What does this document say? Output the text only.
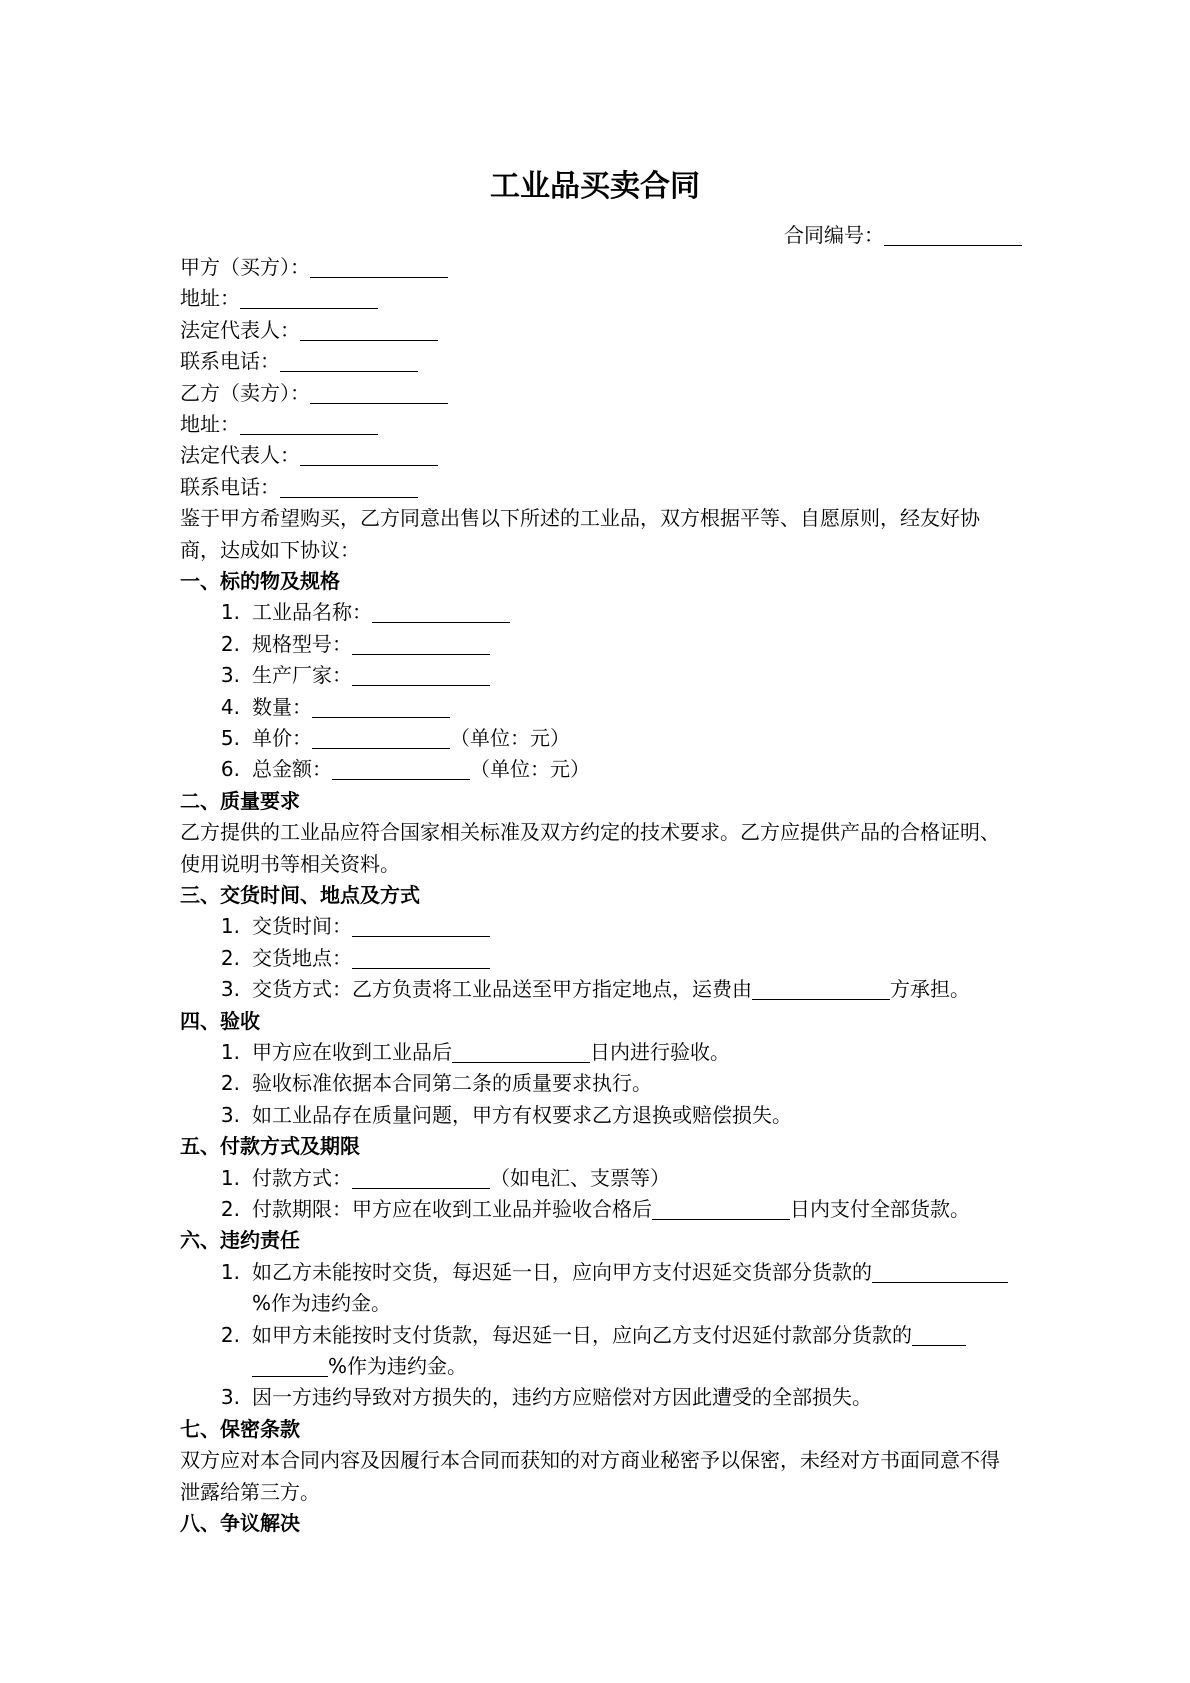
工业品买卖合同
合同编号：

甲方（买方）：

地址：

法定代表人：

联系电话：

乙方（卖方）：

地址：

法定代表人：

联系电话：

鉴于甲方希望购买，乙方同意出售以下所述的工业品，双方根据平等、自愿原则，经友好协商，达成如下协议：

一、标的物及规格

1. 工业品名称：
2. 规格型号：
3. 生产厂家：
4. 数量：
5. 单价：	（单位：元）
6. 总金额：	（单位：元）

二、质量要求

乙方提供的工业品应符合国家相关标准及双方约定的技术要求。乙方应提供产品的合格证明、使用说明书等相关资料。

三、交货时间、地点及方式

1. 交货时间：
2. 交货地点：
3. 交货方式：乙方负责将工业品送至甲方指定地点，运费由	方承担。

四、验收

1. 甲方应在收到工业品后	日内进行验收。
2. 验收标准依据本合同第二条的质量要求执行。
3. 如工业品存在质量问题，甲方有权要求乙方退换或赔偿损失。

五、付款方式及期限

1. 付款方式：	（如电汇、支票等）
2. 付款期限：甲方应在收到工业品并验收合格后	日内支付全部货款。

六、违约责任

1. 如乙方未能按时交货，每迟延一日，应向甲方支付迟延交货部分货款的%作为违约金。
2. 如甲方未能按时支付货款，每迟延一日，应向乙方支付迟延付款部分货款的%作为违约金。
3. 因一方违约导致对方损失的，违约方应赔偿对方因此遭受的全部损失。

七、保密条款

双方应对本合同内容及因履行本合同而获知的对方商业秘密予以保密，未经对方书面同意不得泄露给第三方。

八、争议解决
